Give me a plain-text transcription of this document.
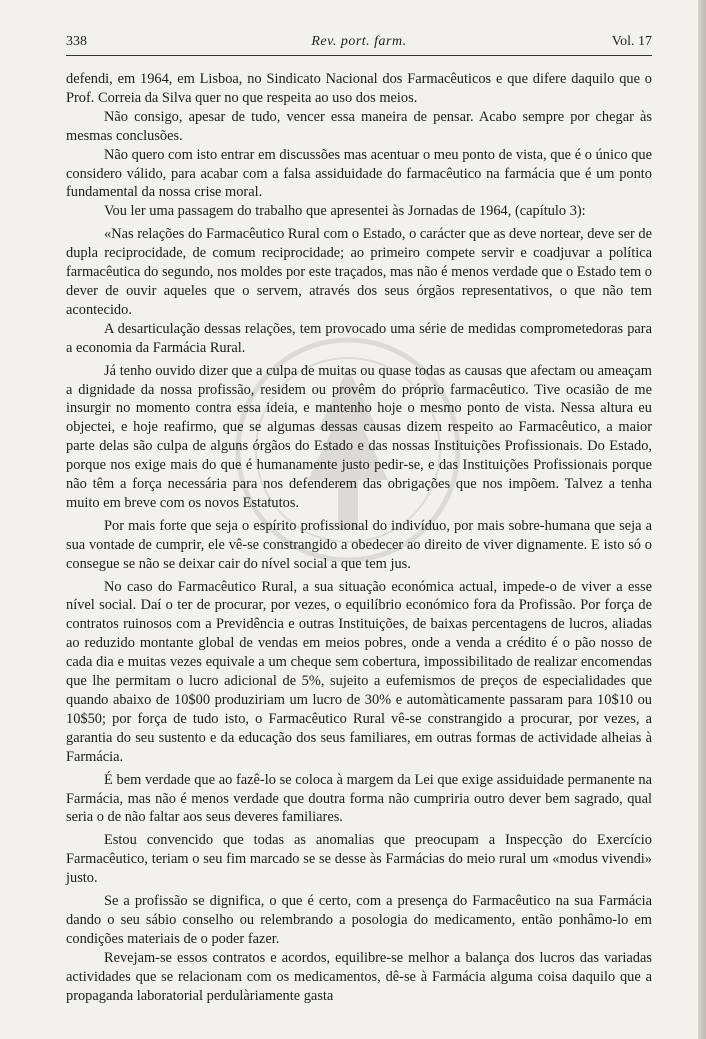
338	Rev. port. farm.	Vol. 17

defendi, em 1964, em Lisboa, no Sindicato Nacional dos Farmacêuticos e que difere daquilo que o Prof. Correia da Silva quer no que respeita ao uso dos meios.

Não consigo, apesar de tudo, vencer essa maneira de pensar. Acabo sempre por chegar às mesmas conclusões.

Não quero com isto entrar em discussões mas acentuar o meu ponto de vista, que é o único que considero válido, para acabar com a falsa assiduidade do farmacêutico na farmácia que é um ponto fundamental da nossa crise moral.

Vou ler uma passagem do trabalho que apresentei às Jornadas de 1964, (capítulo 3):

«Nas relações do Farmacêutico Rural com o Estado, o carácter que as deve nortear, deve ser de dupla reciprocidade, de comum reciprocidade; ao primeiro compete servir e coadjuvar a política farmacêutica do segundo, nos moldes por este traçados, mas não é menos verdade que o Estado tem o dever de ouvir aqueles que o servem, através dos seus órgãos representativos, o que não tem acontecido.

A desarticulação dessas relações, tem provocado uma série de medidas comprometedoras para a economia da Farmácia Rural.

Já tenho ouvido dizer que a culpa de muitas ou quase todas as causas que afectam ou ameaçam a dignidade da nossa profissão, residem ou provêm do próprio farmacêutico. Tive ocasião de me insurgir no momento contra essa ideia, e mantenho hoje o mesmo ponto de vista. Nessa altura eu objectei, e hoje reafirmo, que se algumas dessas causas dizem respeito ao Farmacêutico, a maior parte delas são culpa de alguns órgãos do Estado e das nossas Instituições Profissionais. Do Estado, porque nos exige mais do que é humanamente justo pedir-se, e das Instituições Profissionais porque não têm a força necessária para nos defenderem das obrigações que nos impõem. Talvez a tenha muito em breve com os novos Estatutos.

Por mais forte que seja o espírito profissional do indivíduo, por mais sobre-humana que seja a sua vontade de cumprir, ele vê-se constrangido a obedecer ao direito de viver dignamente. E isto só o consegue se não se deixar cair do nível social a que tem jus.

No caso do Farmacêutico Rural, a sua situação económica actual, impede-o de viver a esse nível social. Daí o ter de procurar, por vezes, o equilíbrio económico fora da Profissão. Por força de contratos ruinosos com a Previdência e outras Instituições, de baixas percentagens de lucros, aliadas ao reduzido montante global de vendas em meios pobres, onde a venda a crédito é o pão nosso de cada dia e muitas vezes equivale a um cheque sem cobertura, impossibilitado de realizar encomendas que lhe permitam o lucro adicional de 5%, sujeito a eufemismos de preços de especialidades que quando abaixo de 10$00 produziriam um lucro de 30% e automàticamente passaram para 10$10 ou 10$50; por força de tudo isto, o Farmacêutico Rural vê-se constrangido a procurar, por vezes, a garantia do seu sustento e da educação dos seus familiares, em outras formas de actividade alheias à Farmácia.

É bem verdade que ao fazê-lo se coloca à margem da Lei que exige assiduidade permanente na Farmácia, mas não é menos verdade que doutra forma não cumpriria outro dever bem sagrado, qual seria o de não faltar aos seus deveres familiares.

Estou convencido que todas as anomalias que preocupam a Inspecção do Exercício Farmacêutico, teriam o seu fim marcado se se desse às Farmácias do meio rural um «modus vivendi» justo.

Se a profissão se dignifica, o que é certo, com a presença do Farmacêutico na sua Farmácia dando o seu sábio conselho ou relembrando a posologia do medicamento, então ponhâmo-lo em condições materiais de o poder fazer.

Revejam-se essos contratos e acordos, equilibre-se melhor a balança dos lucros das variadas actividades que se relacionam com os medicamentos, dê-se à Farmácia alguma coisa daquilo que a propaganda laboratorial perdulàriamente gasta
